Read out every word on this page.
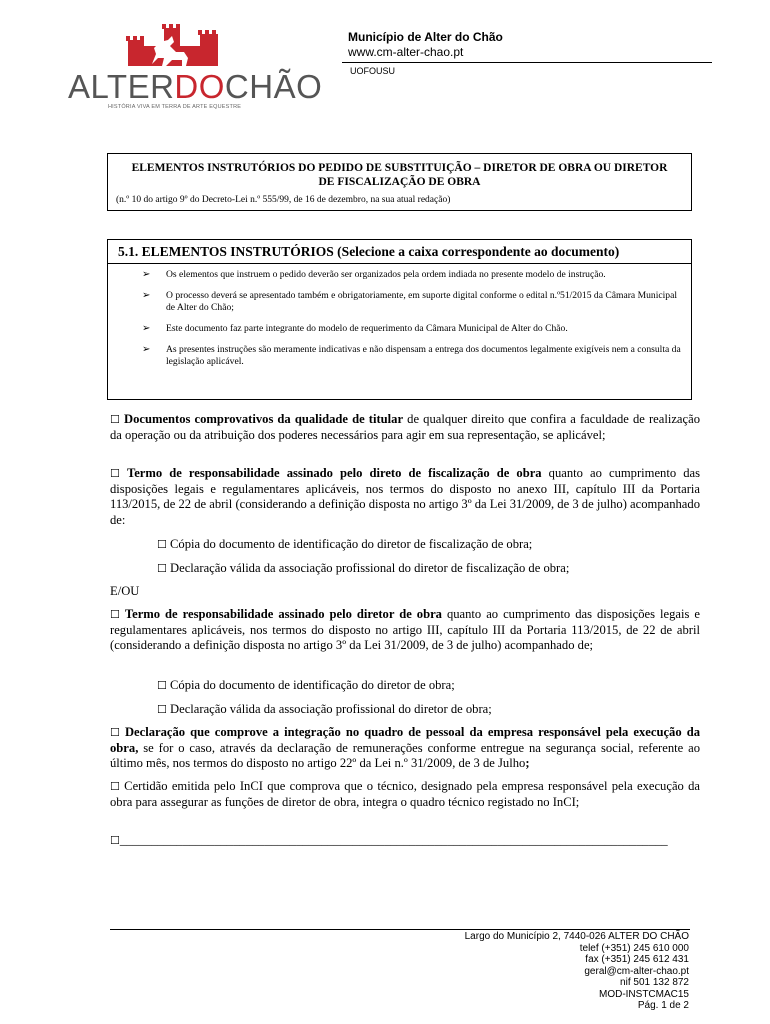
ALTERDOCHÃO
HISTÓRIA VIVA EM TERRA DE ARTE EQUESTRE
Município de Alter do Chão
www.cm-alter-chao.pt
UOFOUSU
ELEMENTOS INSTRUTÓRIOS DO PEDIDO DE SUBSTITUIÇÃO – DIRETOR DE OBRA OU DIRETOR DE FISCALIZAÇÃO DE OBRA
(n.º 10 do artigo 9º do Decreto-Lei n.º 555/99, de 16 de dezembro, na sua atual redação)
5.1. ELEMENTOS INSTRUTÓRIOS (Selecione a caixa correspondente ao documento)
➢ Os elementos que instruem o pedido deverão ser organizados pela ordem indiada no presente modelo de instrução.
➢ O processo deverá se apresentado também e obrigatoriamente, em suporte digital conforme o edital n.º51/2015 da Câmara Municipal de Alter do Chão;
➢ Este documento faz parte integrante do modelo de requerimento da Câmara Municipal de Alter do Chão.
➢ As presentes instruções são meramente indicativas e não dispensam a entrega dos documentos legalmente exigíveis nem a consulta da legislação aplicável.
☐ Documentos comprovativos da qualidade de titular de qualquer direito que confira a faculdade de realização da operação ou da atribuição dos poderes necessários para agir em sua representação, se aplicável;
☐ Termo de responsabilidade assinado pelo direto de fiscalização de obra quanto ao cumprimento das disposições legais e regulamentares aplicáveis, nos termos do disposto no anexo III, capítulo III da Portaria 113/2015, de 22 de abril (considerando a definição disposta no artigo 3º da Lei 31/2009, de 3 de julho) acompanhado de:
☐ Cópia do documento de identificação do diretor de fiscalização de obra;
☐ Declaração válida da associação profissional do diretor de fiscalização de obra;
E/OU
☐ Termo de responsabilidade assinado pelo diretor de obra quanto ao cumprimento das disposições legais e regulamentares aplicáveis, nos termos do disposto no artigo III, capítulo III da Portaria 113/2015, de 22 de abril (considerando a definição disposta no artigo 3º da Lei 31/2009, de 3 de julho) acompanhado de;
☐ Cópia do documento de identificação do diretor de obra;
☐ Declaração válida da associação profissional do diretor de obra;
☐ Declaração que comprove a integração no quadro de pessoal da empresa responsável pela execução da obra, se for o caso, através da declaração de remunerações conforme entregue na segurança social, referente ao último mês, nos termos do disposto no artigo 22º da Lei n.º 31/2009, de 3 de Julho;
☐ Certidão emitida pelo InCI que comprova que o técnico, designado pela empresa responsável pela execução da obra para assegurar as funções de diretor de obra, integra o quadro técnico registado no InCI;
☐_______________________________________________________________________________________
Largo do Município 2, 7440-026 ALTER DO CHÃO
telef (+351) 245 610 000
fax (+351) 245 612 431
geral@cm-alter-chao.pt
nif 501 132 872
MOD-INSTCMAC15
Pág. 1 de 2
